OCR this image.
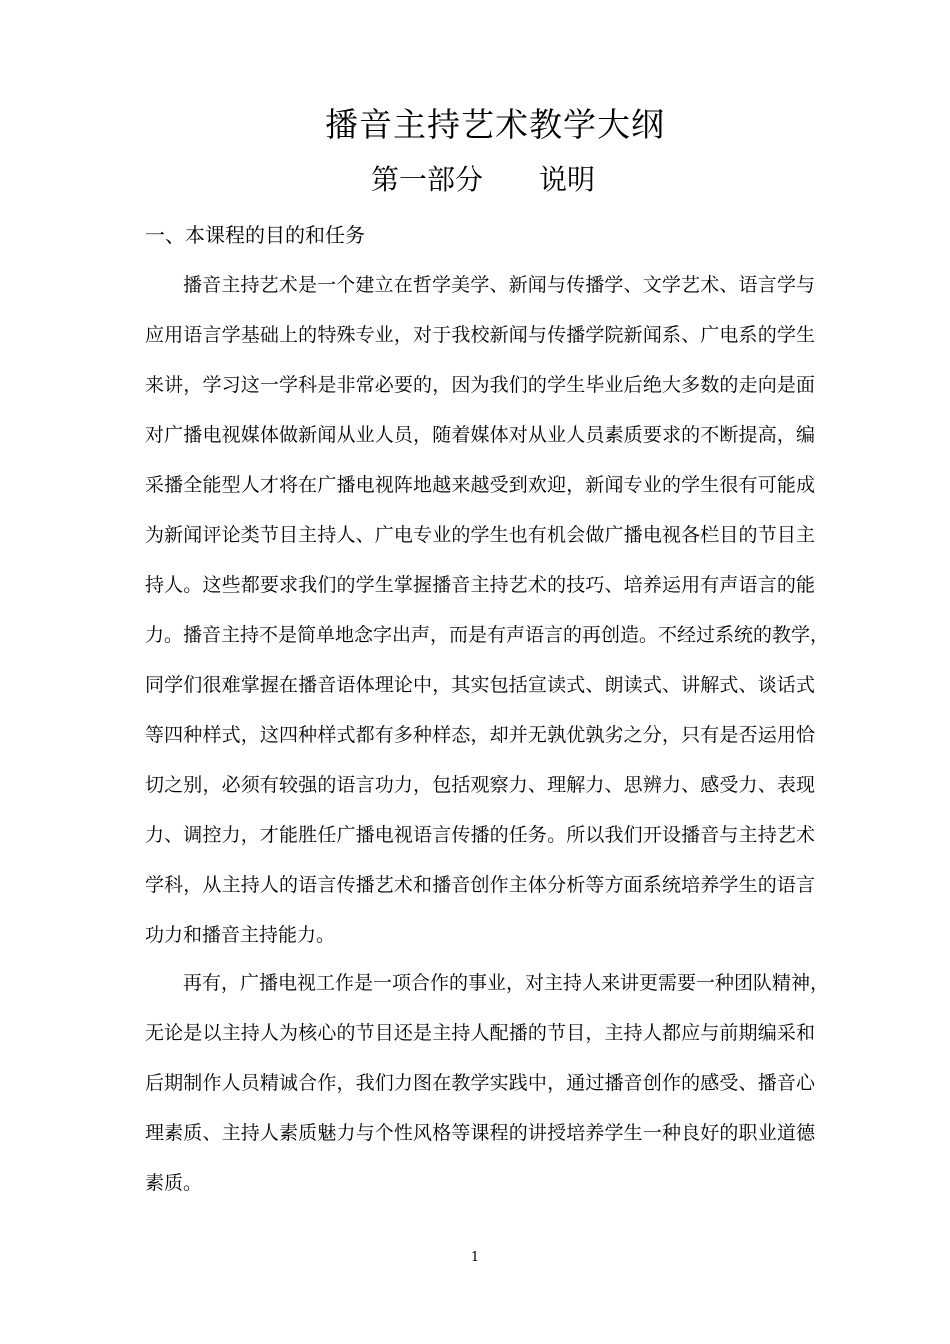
播音主持艺术教学大纲
第一部分　　说明
一、本课程的目的和任务
播音主持艺术是一个建立在哲学美学、新闻与传播学、文学艺术、语言学与
应用语言学基础上的特殊专业，对于我校新闻与传播学院新闻系、广电系的学生
来讲，学习这一学科是非常必要的，因为我们的学生毕业后绝大多数的走向是面
对广播电视媒体做新闻从业人员，随着媒体对从业人员素质要求的不断提高，编
采播全能型人才将在广播电视阵地越来越受到欢迎，新闻专业的学生很有可能成
为新闻评论类节目主持人、广电专业的学生也有机会做广播电视各栏目的节目主
持人。这些都要求我们的学生掌握播音主持艺术的技巧、培养运用有声语言的能
力。播音主持不是简单地念字出声，而是有声语言的再创造。不经过系统的教学，
同学们很难掌握在播音语体理论中，其实包括宣读式、朗读式、讲解式、谈话式
等四种样式，这四种样式都有多种样态，却并无孰优孰劣之分，只有是否运用恰
切之别，必须有较强的语言功力，包括观察力、理解力、思辨力、感受力、表现
力、调控力，才能胜任广播电视语言传播的任务。所以我们开设播音与主持艺术
学科，从主持人的语言传播艺术和播音创作主体分析等方面系统培养学生的语言
功力和播音主持能力。
再有，广播电视工作是一项合作的事业，对主持人来讲更需要一种团队精神，
无论是以主持人为核心的节目还是主持人配播的节目，主持人都应与前期编采和
后期制作人员精诚合作，我们力图在教学实践中，通过播音创作的感受、播音心
理素质、主持人素质魅力与个性风格等课程的讲授培养学生一种良好的职业道德
素质。
1
